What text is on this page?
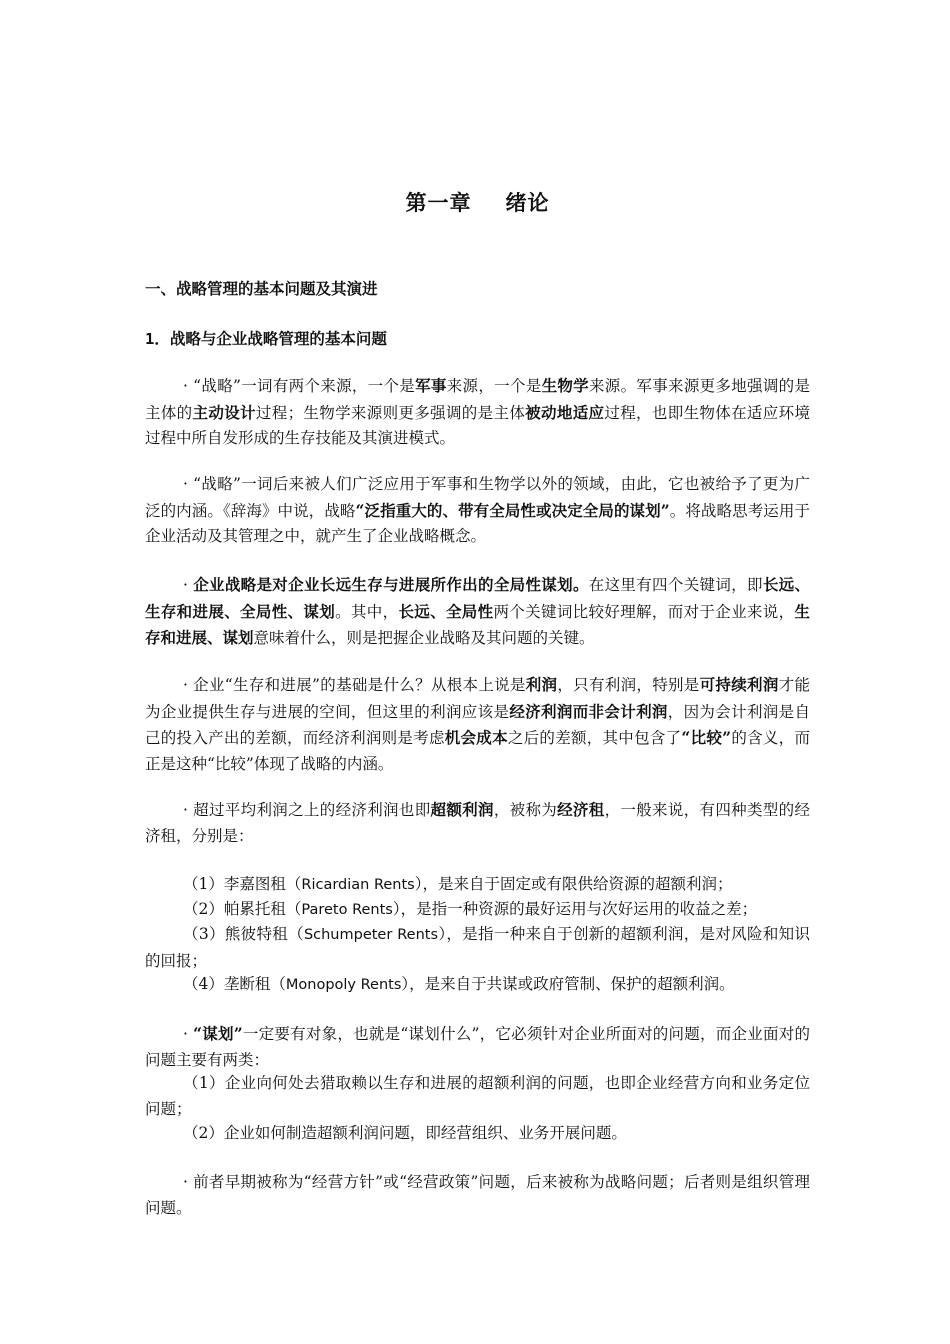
第一章 绪论
一、战略管理的基本问题及其演进
1．战略与企业战略管理的基本问题

· “战略”一词有两个来源，一个是军事来源，一个是生物学来源。军事来源更多地强调的是主体的主动设计过程；生物学来源则更多强调的是主体被动地适应过程，也即生物体在适应环境过程中所自发形成的生存技能及其演进模式。

· “战略”一词后来被人们广泛应用于军事和生物学以外的领域，由此，它也被给予了更为广泛的内涵。《辞海》中说，战略“泛指重大的、带有全局性或决定全局的谋划”。将战略思考运用于企业活动及其管理之中，就产生了企业战略概念。

· 企业战略是对企业长远生存与进展所作出的全局性谋划。在这里有四个关键词，即长远、生存和进展、全局性、谋划。其中，长远、全局性两个关键词比较好理解，而对于企业来说，生存和进展、谋划意味着什么，则是把握企业战略及其问题的关键。

· 企业“生存和进展”的基础是什么？从根本上说是利润，只有利润，特别是可持续利润才能为企业提供生存与进展的空间，但这里的利润应该是经济利润而非会计利润，因为会计利润是自己的投入产出的差额，而经济利润则是考虑机会成本之后的差额，其中包含了“比较”的含义，而正是这种“比较”体现了战略的内涵。

· 超过平均利润之上的经济利润也即超额利润，被称为经济租，一般来说，有四种类型的经济租，分别是：

（1）李嘉图租（Ricardian Rents），是来自于固定或有限供给资源的超额利润；

（2）帕累托租（Pareto Rents），是指一种资源的最好运用与次好运用的收益之差；

（3）熊彼特租（Schumpeter Rents），是指一种来自于创新的超额利润，是对风险和知识的回报；

（4）垄断租（Monopoly Rents），是来自于共谋或政府管制、保护的超额利润。

· “谋划”一定要有对象，也就是“谋划什么”，它必须针对企业所面对的问题，而企业面对的问题主要有两类：

（1）企业向何处去猎取赖以生存和进展的超额利润的问题，也即企业经营方向和业务定位问题；

（2）企业如何制造超额利润问题，即经营组织、业务开展问题。

· 前者早期被称为“经营方针”或“经营政策”问题，后来被称为战略问题；后者则是组织管理问题。
